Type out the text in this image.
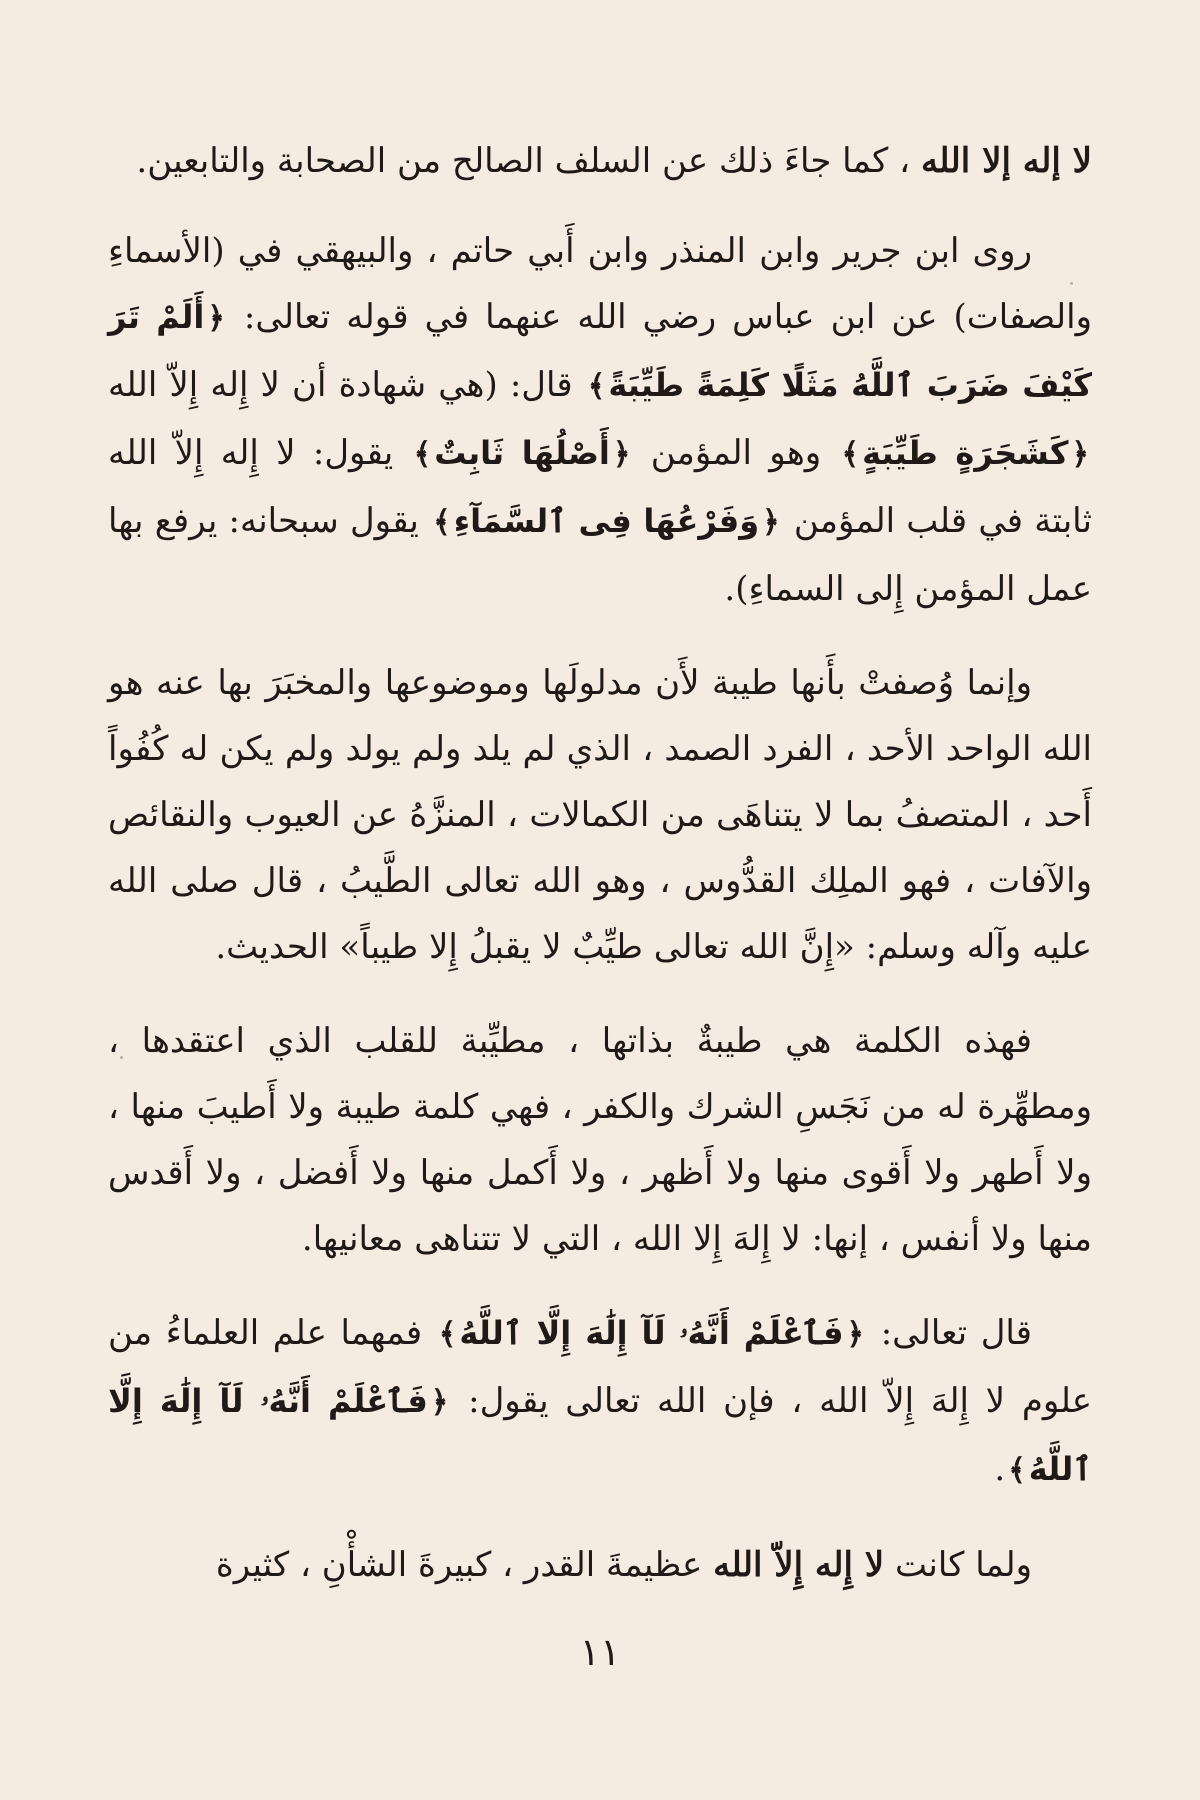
لا إله إلا الله ، كما جاءَ ذلك عن السلف الصالح من الصحابة والتابعين.

روى ابن جرير وابن المنذر وابن أَبي حاتم ، والبيهقي في (الأسماءِ والصفات) عن ابن عباس رضي الله عنهما في قوله تعالى: ﴿أَلَمْ تَرَ كَيْفَ ضَرَبَ ٱللَّهُ مَثَلًا كَلِمَةً طَيِّبَةً﴾ قال: (هي شهادة أن لا إِله إِلاّ الله ﴿كَشَجَرَةٍ طَيِّبَةٍ﴾ وهو المؤمن ﴿أَصْلُهَا ثَابِتٌ﴾ يقول: لا إِله إِلاّ الله ثابتة في قلب المؤمن ﴿وَفَرْعُهَا فِى ٱلسَّمَآءِ﴾ يقول سبحانه: يرفع بها عمل المؤمن إِلى السماءِ).

وإنما وُصفتْ بأَنها طيبة لأَن مدلولَها وموضوعها والمخبَرَ بها عنه هو الله الواحد الأحد ، الفرد الصمد ، الذي لم يلد ولم يولد ولم يكن له كُفُواً أَحد ، المتصفُ بما لا يتناهَى من الكمالات ، المنزَّهُ عن العيوب والنقائص والآفات ، فهو الملِك القدُّوس ، وهو الله تعالى الطَّيبُ ، قال صلى الله عليه وآله وسلم: «إِنَّ الله تعالى طيِّبٌ لا يقبلُ إِلا طيباً» الحديث.

فهذه الكلمة هي طيبةٌ بذاتها ، مطيِّبة للقلب الذي اعتقدها ، ومطهِّرة له من نَجَسِ الشرك والكفر ، فهي كلمة طيبة ولا أَطيبَ منها ، ولا أَطهر ولا أَقوى منها ولا أَظهر ، ولا أَكمل منها ولا أَفضل ، ولا أَقدس منها ولا أنفس ، إنها: لا إِلهَ إِلا الله ، التي لا تتناهى معانيها.

قال تعالى: ﴿فَٱعْلَمْ أَنَّهُۥ لَآ إِلَٰهَ إِلَّا ٱللَّهُ﴾ فمهما علم العلماءُ من علوم لا إِلهَ إِلاّ الله ، فإن الله تعالى يقول: ﴿فَٱعْلَمْ أَنَّهُۥ لَآ إِلَٰهَ إِلَّا ٱللَّهُ﴾.

ولما كانت لا إِله إِلاّ الله عظيمةَ القدر ، كبيرةَ الشأْنِ ، كثيرة

١١
